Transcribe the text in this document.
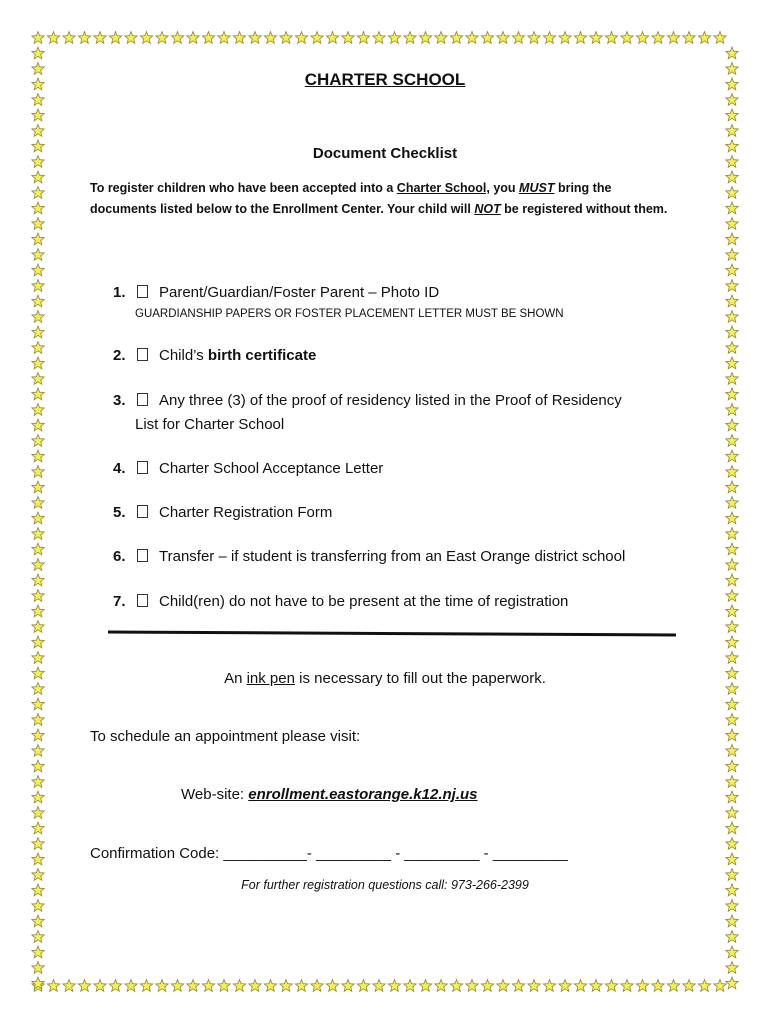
CHARTER SCHOOL
Document Checklist
To register children who have been accepted into a Charter School, you MUST bring the documents listed below to the Enrollment Center. Your child will NOT be registered without them.
1. Parent/Guardian/Foster Parent – Photo ID
GUARDIANSHIP PAPERS OR FOSTER PLACEMENT LETTER MUST BE SHOWN
2. Child’s birth certificate
3. Any three (3) of the proof of residency listed in the Proof of Residency
List for Charter School
4. Charter School Acceptance Letter
5. Charter Registration Form
6. Transfer – if student is transferring from an East Orange district school
7. Child(ren) do not have to be present at the time of registration
An ink pen is necessary to fill out the paperwork.
To schedule an appointment please visit:
Web-site: enrollment.eastorange.k12.nj.us
Confirmation Code: __________- _________ - _________ - _________
For further registration questions call: 973-266-2399
